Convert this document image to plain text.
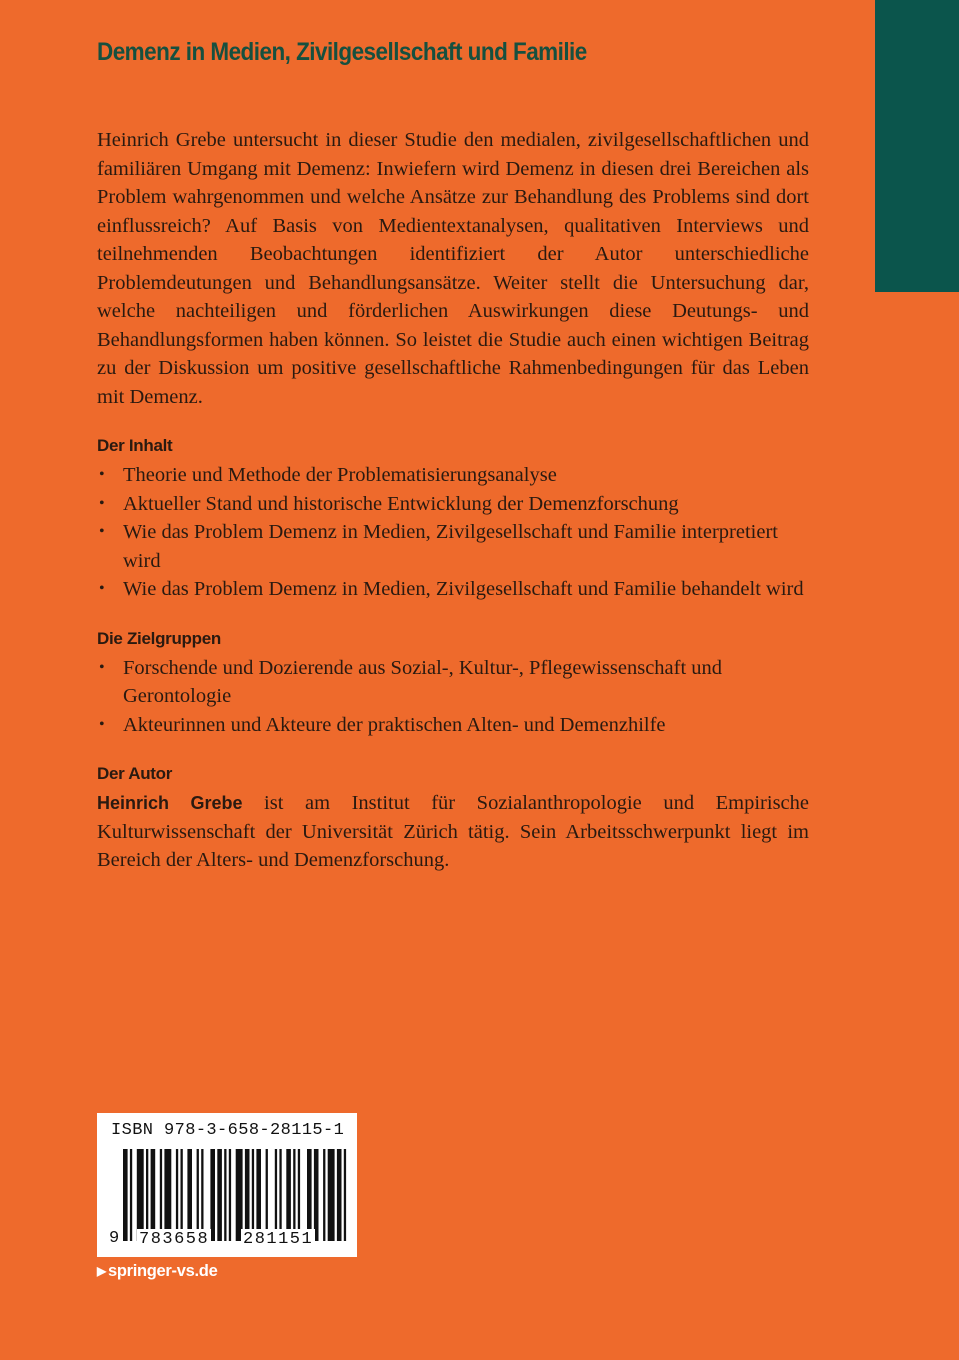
Demenz in Medien, Zivilgesellschaft und Familie

Heinrich Grebe untersucht in dieser Studie den medialen, zivilgesellschaftlichen und familiären Umgang mit Demenz: Inwiefern wird Demenz in diesen drei Bereichen als Problem wahrgenommen und welche Ansätze zur Behandlung des Problems sind dort einflussreich? Auf Basis von Medientextanalysen, qualitativen Interviews und teilnehmenden Beobachtungen identifiziert der Autor unterschiedliche Problemdeutungen und Behandlungsansätze. Weiter stellt die Untersuchung dar, welche nachteiligen und förderlichen Auswirkungen diese Deutungs- und Behandlungsformen haben können. So leistet die Studie auch einen wichtigen Beitrag zu der Diskussion um positive gesellschaftliche Rahmenbedingungen für das Leben mit Demenz.

Der Inhalt
• Theorie und Methode der Problematisierungsanalyse
• Aktueller Stand und historische Entwicklung der Demenzforschung
• Wie das Problem Demenz in Medien, Zivilgesellschaft und Familie interpretiert wird
• Wie das Problem Demenz in Medien, Zivilgesellschaft und Familie behandelt wird
Die Zielgruppen
• Forschende und Dozierende aus Sozial-, Kultur-, Pflegewissenschaft und Gerontologie
• Akteurinnen und Akteure der praktischen Alten- und Demenzhilfe
Der Autor

Heinrich Grebe ist am Institut für Sozialanthropologie und Empirische Kulturwissenschaft der Universität Zürich tätig. Sein Arbeitsschwerpunkt liegt im Bereich der Alters- und Demenzforschung.

ISBN 978-3-658-28115-1
9 783658 281151
▶ springer-vs.de
